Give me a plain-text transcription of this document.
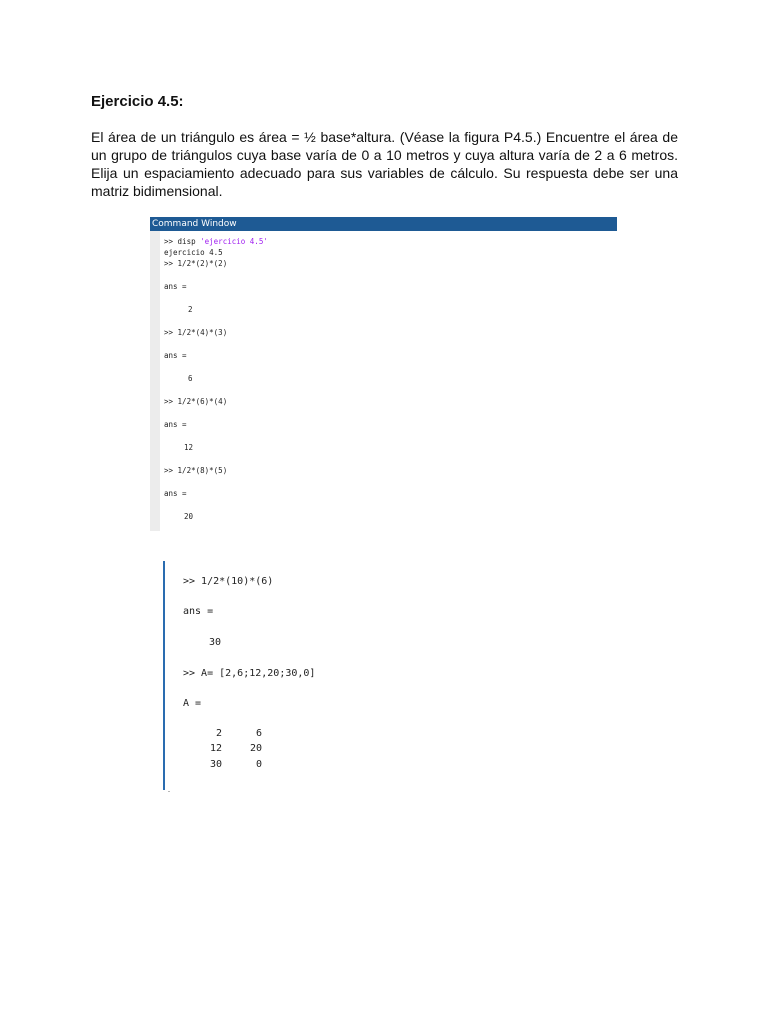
Ejercicio 4.5:

El área de un triángulo es área = ½ base*altura. (Véase la figura P4.5.) Encuentre el área de un grupo de triángulos cuya base varía de 0 a 10 metros y cuya altura varía de 2 a 6 metros. Elija un espaciamiento adecuado para sus variables de cálculo. Su respuesta debe ser una matriz bidimensional.

Command Window
>> disp 'ejercicio 4.5'
ejercicio 4.5
>> 1/2*(2)*(2)
ans =
2
>> 1/2*(4)*(3)
ans =
6
>> 1/2*(6)*(4)
ans =
12
>> 1/2*(8)*(5)
ans =
20
>> 1/2*(10)*(6)
ans =
30
>> A= [2,6;12,20;30,0]
A =
2	6
12	20
30	0
-
